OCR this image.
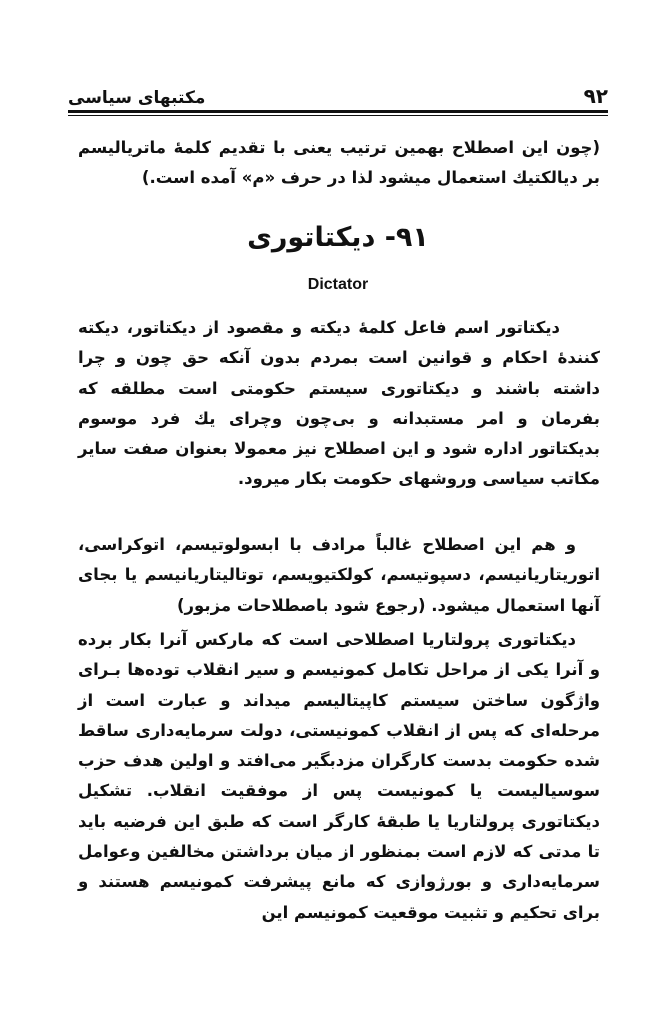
۹۲
مکتبهای سیاسی
(چون این اصطلاح بهمین ترتیب یعنی با تقدیم کلمهٔ ماتریالیسم بر دیالکتیك استعمال میشود لذا در حرف «م» آمده است.)
۹۱- دیکتاتوری
Dictator
دیکتاتور اسم فاعل کلمهٔ دیکته و مقصود از دیکتاتور، دیکته کنندهٔ احکام و قوانین است بمردم بدون آنکه حق چون و چرا داشته باشند و دیکتاتوری سیستم حکومتی است مطلقه که بفرمان و امر مستبدانه و بی‌چون وچرای یك فرد موسوم بدیکتاتور اداره شود و این اصطلاح نیز معمولا بعنوان صفت سایر مکاتب سیاسی وروشهای حکومت بکار میرود.
و هم این اصطلاح غالباً مرادف با ابسولوتیسم، اتوکراسی، اتوریتاریانیسم، دسپوتیسم، کولکتیویسم، توتالیتاریانیسم یا بجای آنها استعمال میشود. (رجوع شود باصطلاحات مزبور)
دیکتاتوری پرولتاریا اصطلاحی است که مارکس آنرا بکار برده و آنرا یکی از مراحل تکامل کمونیسم و سیر انقلاب توده‌ها بـرای واژگون ساختن سیستم کاپیتالیسم میداند و عبارت است از مرحله‌ای که پس از انقلاب کمونیستی، دولت سرمایه‌داری ساقط شده حکومت بدست کارگران مزدبگیر می‌افتد و اولین هدف حزب سوسیالیست یا کمونیست پس از موفقیت انقلاب. تشکیل دیکتاتوری پرولتاریا یا طبقهٔ کارگر است که طبق این فرضیه باید تا مدتی که لازم است بمنظور از میان برداشتن مخالفین وعوامل سرمایه‌داری و بورژوازی که مانع پیشرفت کمونیسم هستند و برای تحکیم و تثبیت موقعیت کمونیسم این
